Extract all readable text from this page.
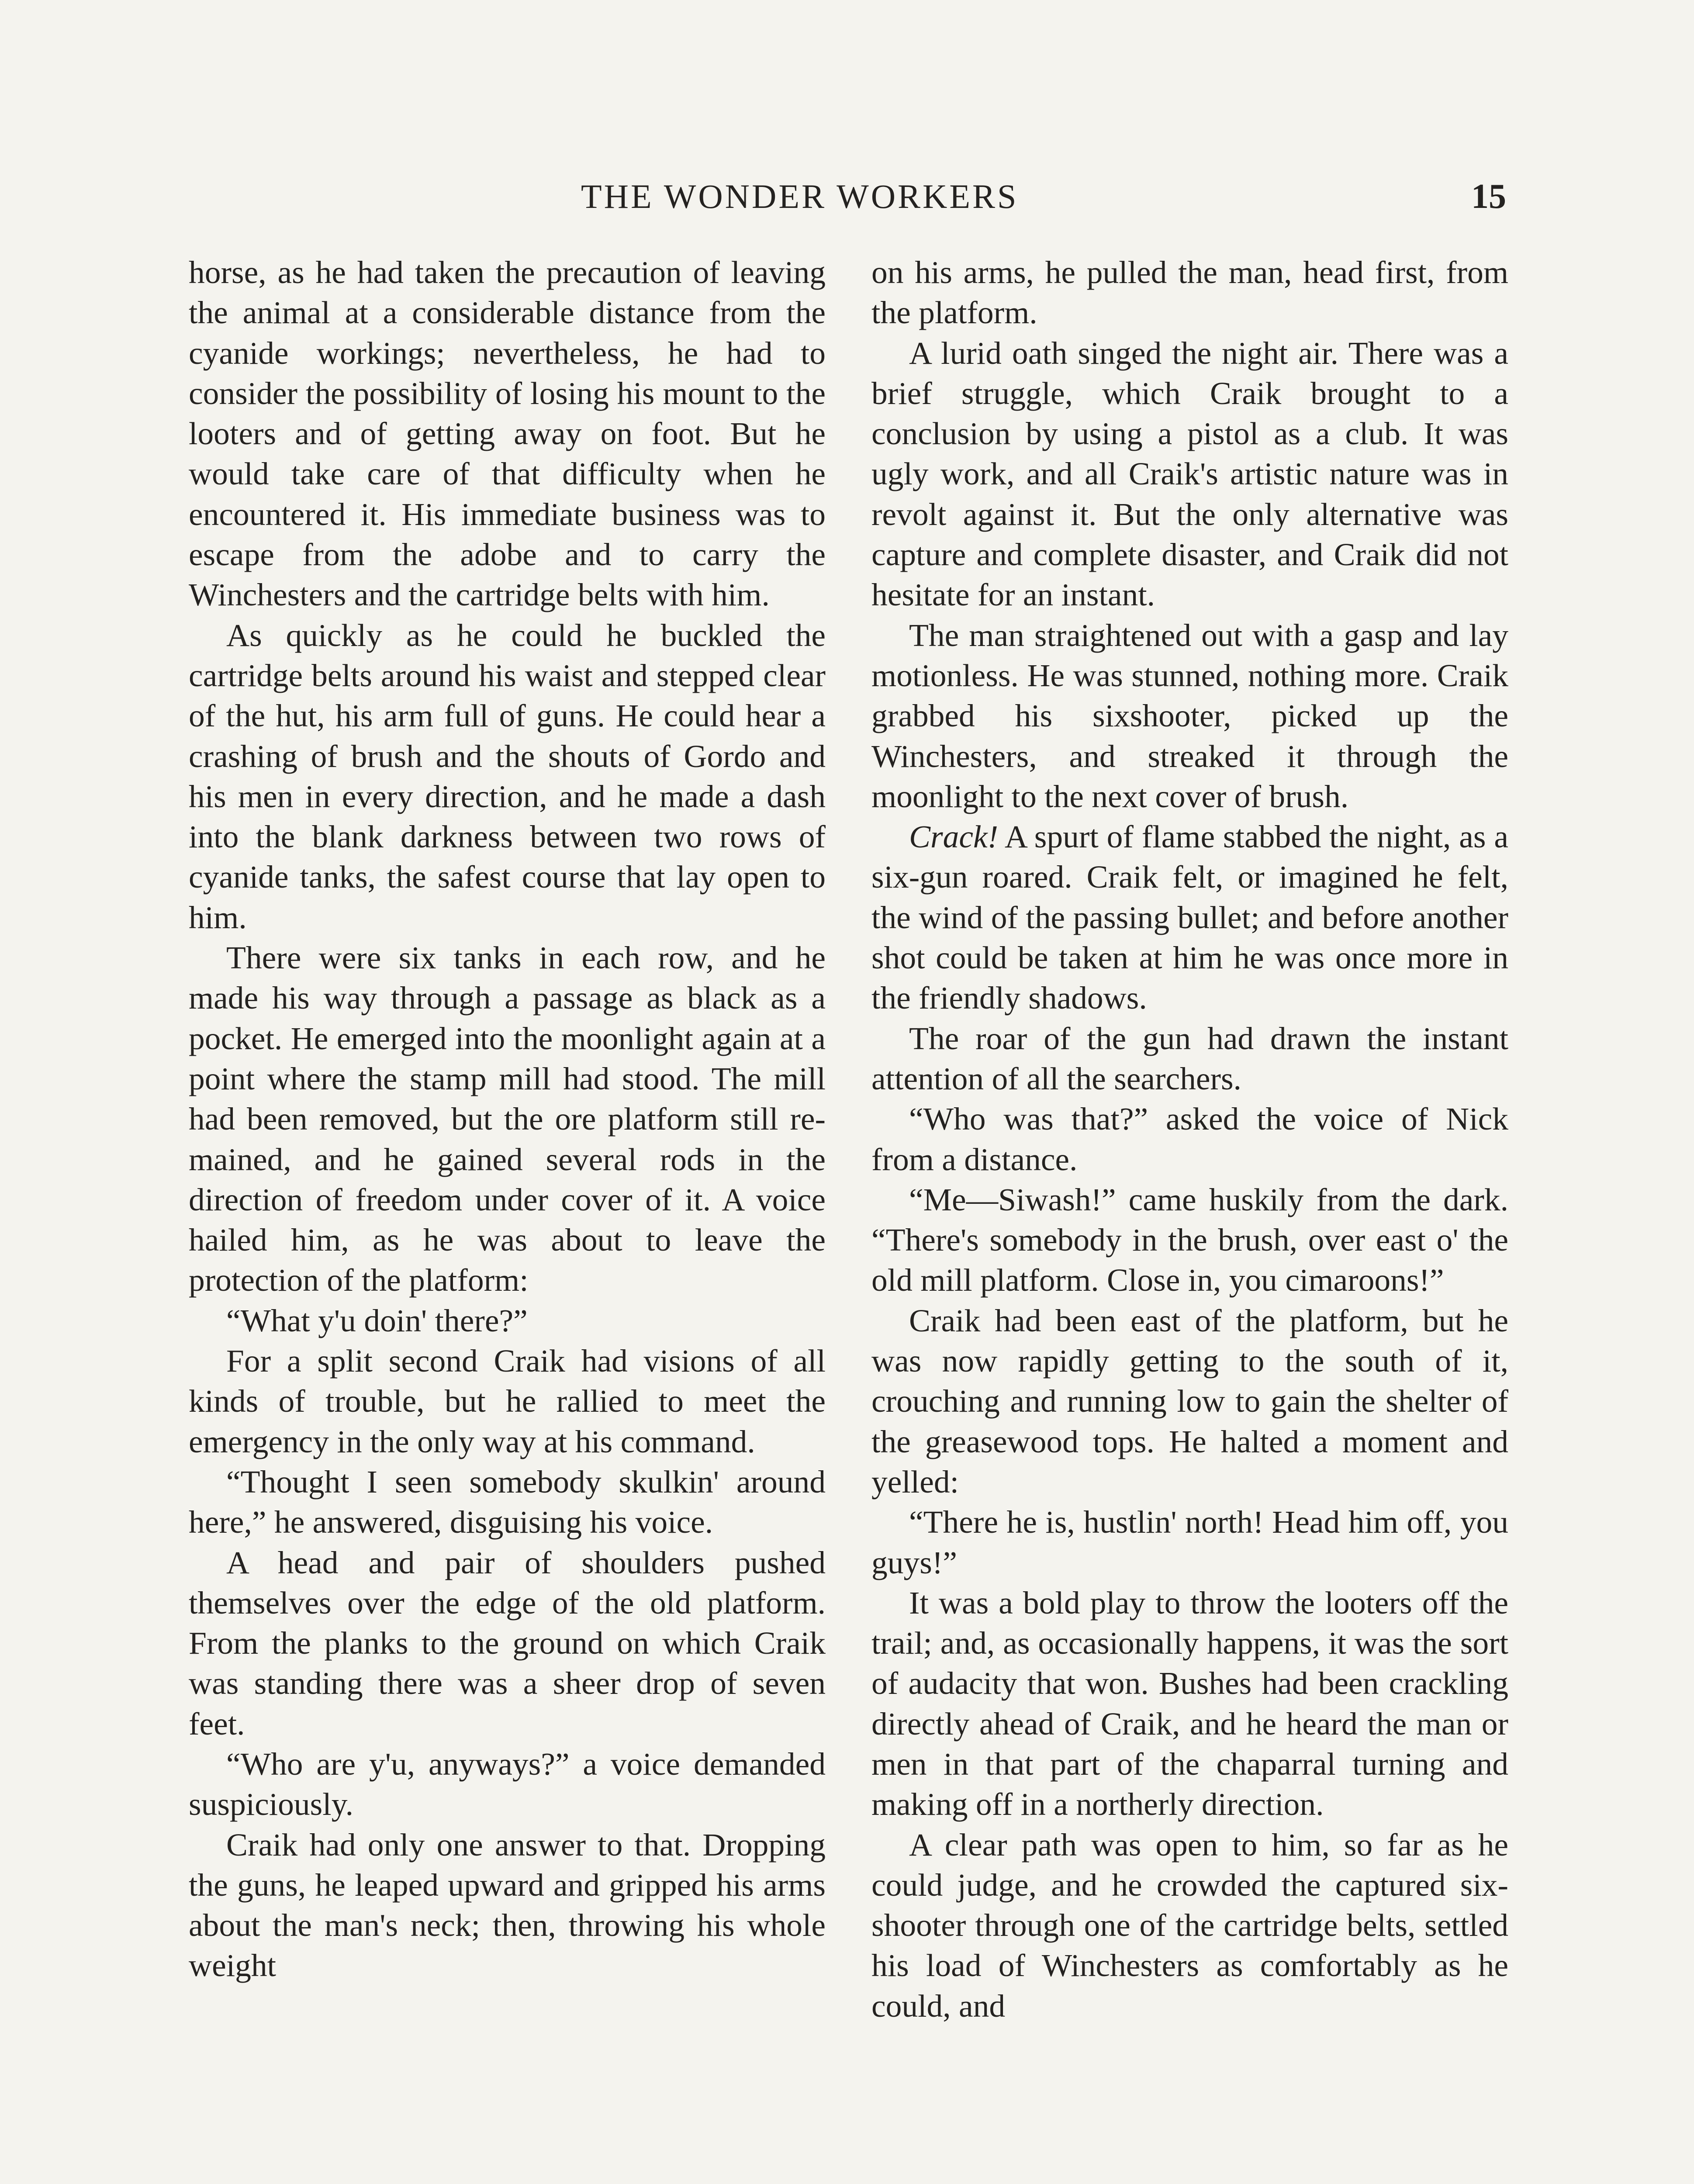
THE WONDER WORKERS	15

horse, as he had taken the precaution of leaving the animal at a considerable distance from the cyanide workings; nevertheless, he had to consider the possibility of losing his mount to the looters and of getting away on foot. But he would take care of that difficulty when he encountered it. His immediate business was to escape from the adobe and to carry the Winchesters and the cartridge belts with him.

As quickly as he could he buckled the cartridge belts around his waist and stepped clear of the hut, his arm full of guns. He could hear a crashing of brush and the shouts of Gordo and his men in every direction, and he made a dash into the blank darkness between two rows of cyanide tanks, the safest course that lay open to him.

There were six tanks in each row, and he made his way through a passage as black as a pocket. He emerged into the moonlight again at a point where the stamp mill had stood. The mill had been removed, but the ore platform still remained, and he gained several rods in the direction of freedom under cover of it. A voice hailed him, as he was about to leave the protection of the platform:

“What y'u doin' there?”

For a split second Craik had visions of all kinds of trouble, but he rallied to meet the emergency in the only way at his command.

“Thought I seen somebody skulkin' around here,” he answered, disguising his voice.

A head and pair of shoulders pushed themselves over the edge of the old platform. From the planks to the ground on which Craik was standing there was a sheer drop of seven feet.

“Who are y'u, anyways?” a voice demanded suspiciously.

Craik had only one answer to that. Dropping the guns, he leaped upward and gripped his arms about the man's neck; then, throwing his whole weight

on his arms, he pulled the man, head first, from the platform.

A lurid oath singed the night air. There was a brief struggle, which Craik brought to a conclusion by using a pistol as a club. It was ugly work, and all Craik's artistic nature was in revolt against it. But the only alternative was capture and complete disaster, and Craik did not hesitate for an instant.

The man straightened out with a gasp and lay motionless. He was stunned, nothing more. Craik grabbed his sixshooter, picked up the Winchesters, and streaked it through the moonlight to the next cover of brush.

Crack! A spurt of flame stabbed the night, as a six-gun roared. Craik felt, or imagined he felt, the wind of the passing bullet; and before another shot could be taken at him he was once more in the friendly shadows.

The roar of the gun had drawn the instant attention of all the searchers.

“Who was that?” asked the voice of Nick from a distance.

“Me—Siwash!” came huskily from the dark. “There's somebody in the brush, over east o' the old mill platform. Close in, you cimaroons!”

Craik had been east of the platform, but he was now rapidly getting to the south of it, crouching and running low to gain the shelter of the greasewood tops. He halted a moment and yelled:

“There he is, hustlin' north! Head him off, you guys!”

It was a bold play to throw the looters off the trail; and, as occasionally happens, it was the sort of audacity that won. Bushes had been crackling directly ahead of Craik, and he heard the man or men in that part of the chaparral turning and making off in a northerly direction.

A clear path was open to him, so far as he could judge, and he crowded the captured six-shooter through one of the cartridge belts, settled his load of Winchesters as comfortably as he could, and
